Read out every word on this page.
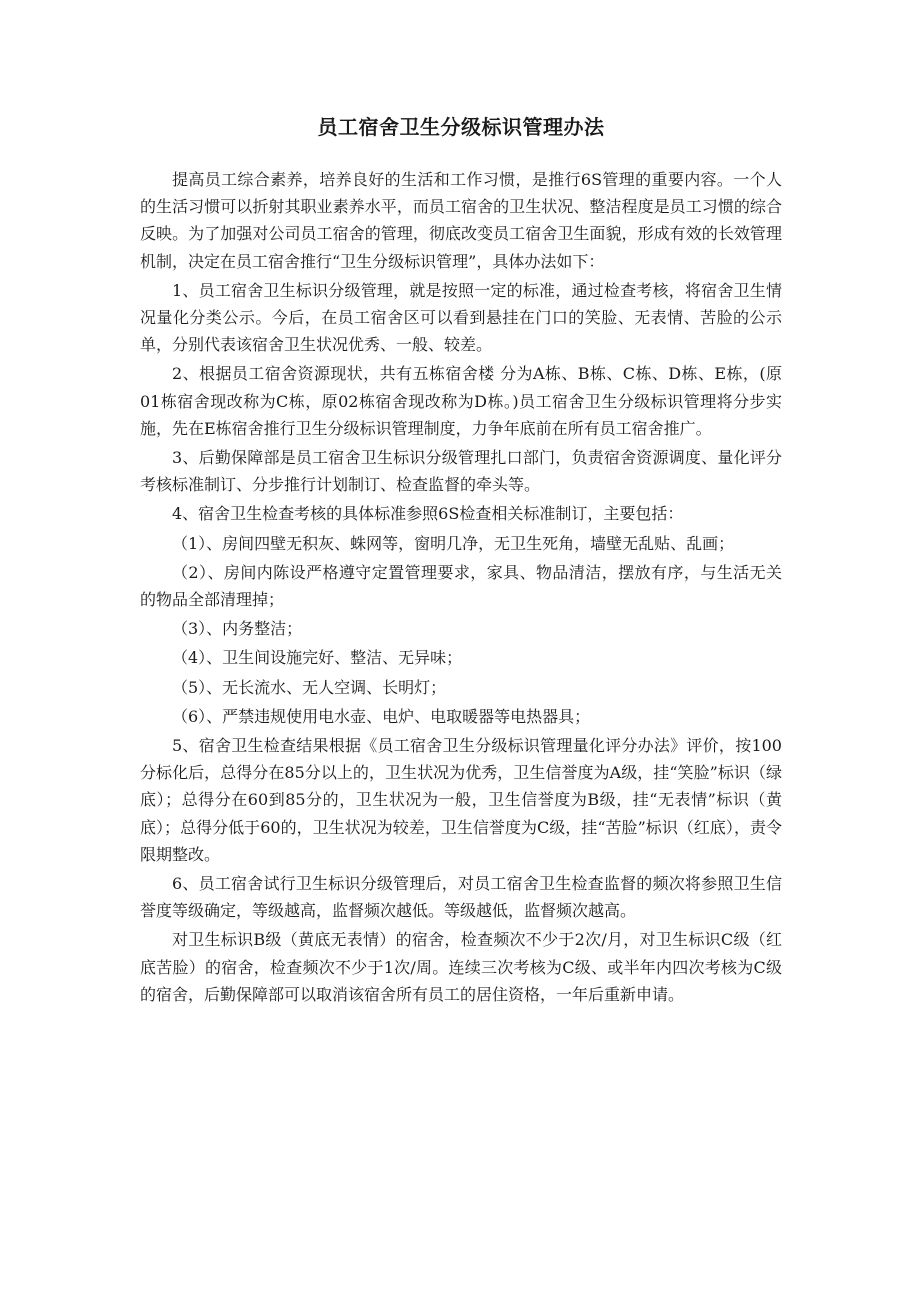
员工宿舍卫生分级标识管理办法

提高员工综合素养，培养良好的生活和工作习惯，是推行6S管理的重要内容。一个人的生活习惯可以折射其职业素养水平，而员工宿舍的卫生状况、整洁程度是员工习惯的综合反映。为了加强对公司员工宿舍的管理，彻底改变员工宿舍卫生面貌，形成有效的长效管理机制，决定在员工宿舍推行“卫生分级标识管理”，具体办法如下：

1、员工宿舍卫生标识分级管理，就是按照一定的标准，通过检查考核，将宿舍卫生情况量化分类公示。今后，在员工宿舍区可以看到悬挂在门口的笑脸、无表情、苦脸的公示单，分别代表该宿舍卫生状况优秀、一般、较差。

2、根据员工宿舍资源现状，共有五栋宿舍楼 分为A栋、B栋、C栋、D栋、E栋，(原01栋宿舍现改称为C栋，原02栋宿舍现改称为D栋。)员工宿舍卫生分级标识管理将分步实施，先在E栋宿舍推行卫生分级标识管理制度，力争年底前在所有员工宿舍推广。

3、后勤保障部是员工宿舍卫生标识分级管理扎口部门，负责宿舍资源调度、量化评分考核标准制订、分步推行计划制订、检查监督的牵头等。

4、宿舍卫生检查考核的具体标准参照6S检查相关标准制订，主要包括：

（1）、房间四壁无积灰、蛛网等，窗明几净，无卫生死角，墙壁无乱贴、乱画；

（2）、房间内陈设严格遵守定置管理要求，家具、物品清洁，摆放有序，与生活无关的物品全部清理掉；

（3）、内务整洁；

（4）、卫生间设施完好、整洁、无异味；

（5）、无长流水、无人空调、长明灯；

（6）、严禁违规使用电水壶、电炉、电取暖器等电热器具；

5、宿舍卫生检查结果根据《员工宿舍卫生分级标识管理量化评分办法》评价，按100分标化后，总得分在85分以上的，卫生状况为优秀，卫生信誉度为A级，挂“笑脸”标识（绿底）；总得分在60到85分的，卫生状况为一般，卫生信誉度为B级，挂“无表情”标识（黄底）；总得分低于60的，卫生状况为较差，卫生信誉度为C级，挂“苦脸”标识（红底），责令限期整改。

6、员工宿舍试行卫生标识分级管理后，对员工宿舍卫生检查监督的频次将参照卫生信誉度等级确定，等级越高，监督频次越低。等级越低，监督频次越高。

对卫生标识B级（黄底无表情）的宿舍，检查频次不少于2次/月，对卫生标识C级（红底苦脸）的宿舍，检查频次不少于1次/周。连续三次考核为C级、或半年内四次考核为C级的宿舍，后勤保障部可以取消该宿舍所有员工的居住资格，一年后重新申请。
